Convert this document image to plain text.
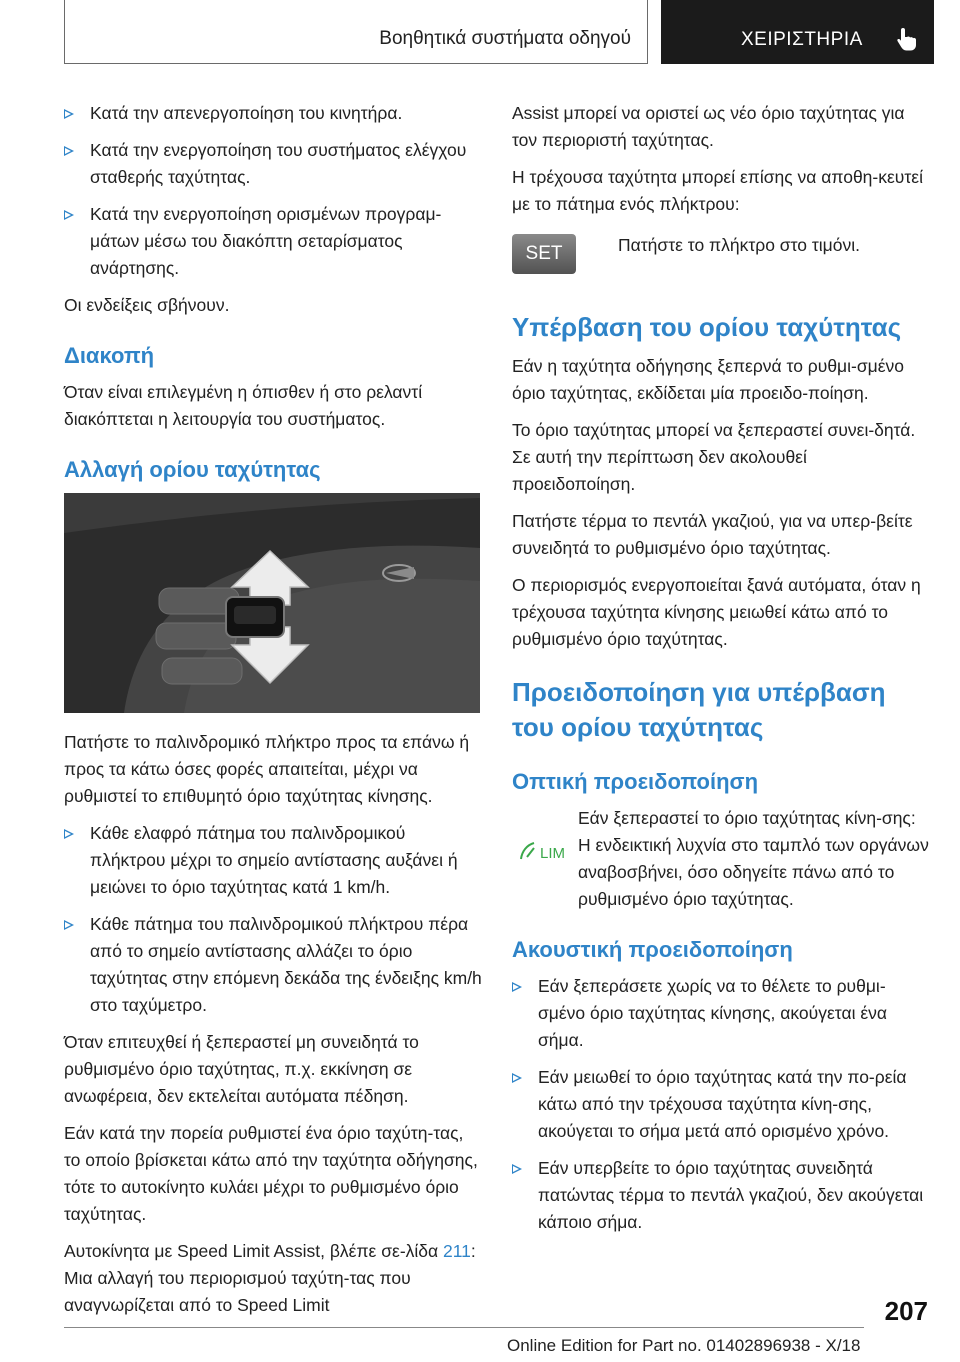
Βοηθητικά συστήματα οδηγού	ΧΕΙΡΙΣΤΗΡΙΑ
Κατά την απενεργοποίηση του κινητήρα.
Κατά την ενεργοποίηση του συστήματος ελέγχου σταθερής ταχύτητας.
Κατά την ενεργοποίηση ορισμένων προγραμ‐μάτων μέσω του διακόπτη σεταρίσματος ανάρτησης.
Οι ενδείξεις σβήνουν.
Διακοπή
Όταν είναι επιλεγμένη η όπισθεν ή στο ρελαντί διακόπτεται η λειτουργία του συστήματος.
Αλλαγή ορίου ταχύτητας
Πατήστε το παλινδρομικό πλήκτρο προς τα επάνω ή προς τα κάτω όσες φορές απαιτείται, μέχρι να ρυθμιστεί το επιθυμητό όριο ταχύτητας κίνησης.
Κάθε ελαφρό πάτημα του παλινδρομικού πλήκτρου μέχρι το σημείο αντίστασης αυξάνει ή μειώνει το όριο ταχύτητας κατά 1 km/h.
Κάθε πάτημα του παλινδρομικού πλήκτρου πέρα από το σημείο αντίστασης αλλάζει το όριο ταχύτητας στην επόμενη δεκάδα της ένδειξης km/h στο ταχύμετρο.
Όταν επιτευχθεί ή ξεπεραστεί μη συνειδητά το ρυθμισμένο όριο ταχύτητας, π.χ. εκκίνηση σε ανωφέρεια, δεν εκτελείται αυτόματα πέδηση.
Εάν κατά την πορεία ρυθμιστεί ένα όριο ταχύτη‐τας, το οποίο βρίσκεται κάτω από την ταχύτητα οδήγησης, τότε το αυτοκίνητο κυλάει μέχρι το ρυθμισμένο όριο ταχύτητας.
Αυτοκίνητα με Speed Limit Assist, βλέπε σε‐λίδα 211: Μια αλλαγή του περιορισμού ταχύτη‐τας που αναγνωρίζεται από το Speed Limit
Assist μπορεί να οριστεί ως νέο όριο ταχύτητας για τον περιοριστή ταχύτητας.
Η τρέχουσα ταχύτητα μπορεί επίσης να αποθη‐κευτεί με το πάτημα ενός πλήκτρου:
SET	Πατήστε το πλήκτρο στο τιμόνι.
Υπέρβαση του ορίου ταχύτητας
Εάν η ταχύτητα οδήγησης ξεπερνά το ρυθμι‐σμένο όριο ταχύτητας, εκδίδεται μία προειδο‐ποίηση.
Το όριο ταχύτητας μπορεί να ξεπεραστεί συνει‐δητά. Σε αυτή την περίπτωση δεν ακολουθεί προειδοποίηση.
Πατήστε τέρμα το πεντάλ γκαζιού, για να υπερ‐βείτε συνειδητά το ρυθμισμένο όριο ταχύτητας.
Ο περιορισμός ενεργοποιείται ξανά αυτόματα, όταν η τρέχουσα ταχύτητα κίνησης μειωθεί κάτω από το ρυθμισμένο όριο ταχύτητας.
Προειδοποίηση για υπέρβαση του ορίου ταχύτητας
Οπτική προειδοποίηση
LIM
Εάν ξεπεραστεί το όριο ταχύτητας κίνη‐σης: Η ενδεικτική λυχνία στο ταμπλό των οργάνων αναβοσβήνει, όσο οδηγείτε πάνω από το ρυθμισμένο όριο ταχύτητας.
Ακουστική προειδοποίηση
Εάν ξεπεράσετε χωρίς να το θέλετε το ρυθμι‐σμένο όριο ταχύτητας κίνησης, ακούγεται ένα σήμα.
Εάν μειωθεί το όριο ταχύτητας κατά την πο‐ρεία κάτω από την τρέχουσα ταχύτητα κίνη‐σης, ακούγεται το σήμα μετά από ορισμένο χρόνο.
Εάν υπερβείτε το όριο ταχύτητας συνειδητά πατώντας τέρμα το πεντάλ γκαζιού, δεν ακούγεται κάποιο σήμα.
207
Online Edition for Part no. 01402896938 - X/18
